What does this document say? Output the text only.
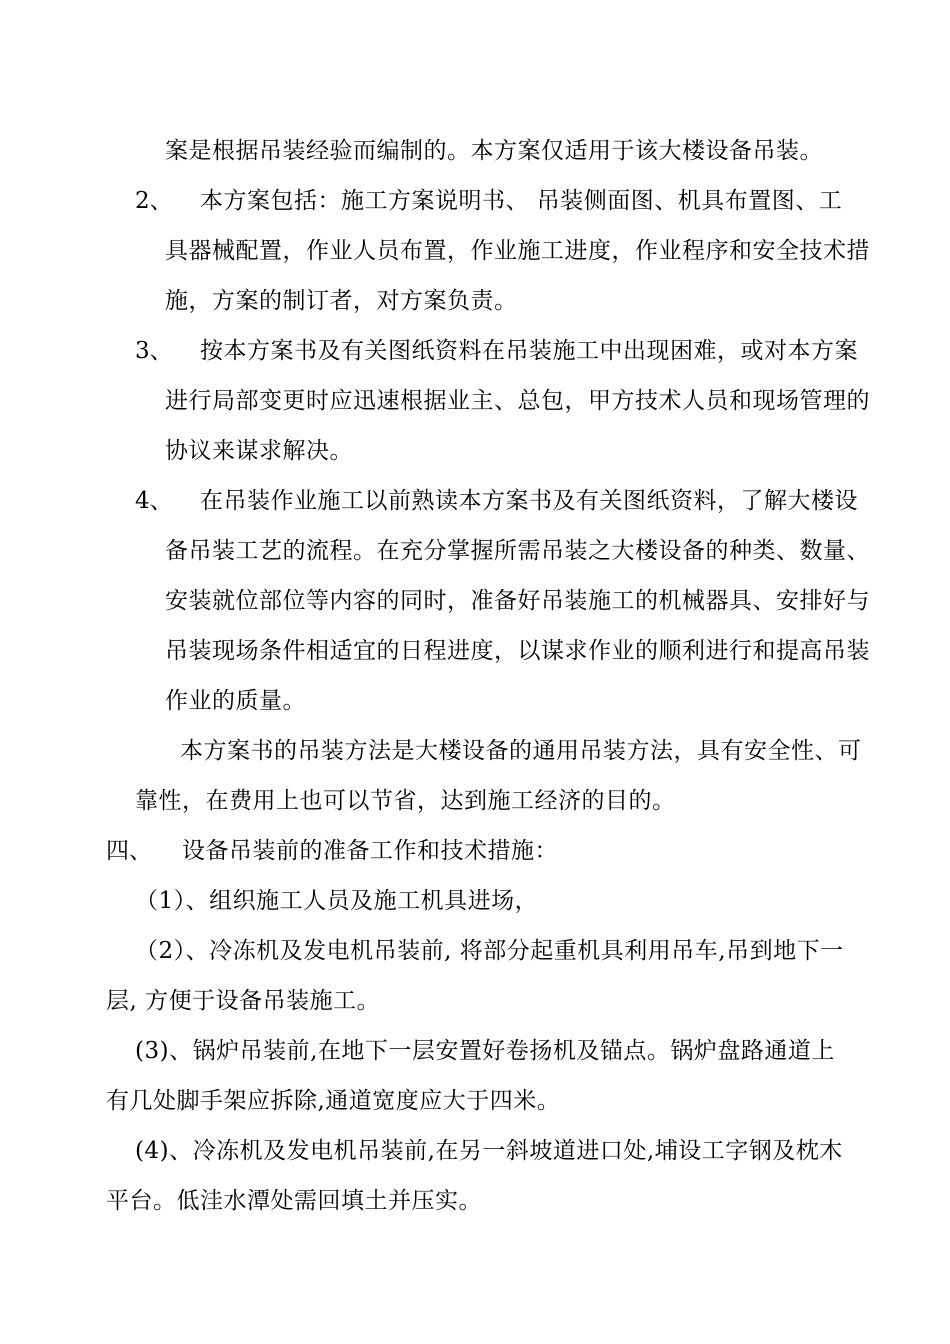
案是根据吊装经验而编制的。本方案仅适用于该大楼设备吊装。
2、 本方案包括：施工方案说明书、 吊装侧面图、机具布置图、工
具器械配置，作业人员布置，作业施工进度，作业程序和安全技术措
施，方案的制订者，对方案负责。
3、 按本方案书及有关图纸资料在吊装施工中出现困难，或对本方案
进行局部变更时应迅速根据业主、总包，甲方技术人员和现场管理的
协议来谋求解决。
4、 在吊装作业施工以前熟读本方案书及有关图纸资料，了解大楼设
备吊装工艺的流程。在充分掌握所需吊装之大楼设备的种类、数量、
安装就位部位等内容的同时，准备好吊装施工的机械器具、安排好与
吊装现场条件相适宜的日程进度，以谋求作业的顺利进行和提高吊装
作业的质量。
本方案书的吊装方法是大楼设备的通用吊装方法，具有安全性、可
靠性，在费用上也可以节省，达到施工经济的目的。
四、 设备吊装前的准备工作和技术措施：
（1）、组织施工人员及施工机具进场，
（2）、冷冻机及发电机吊装前, 将部分起重机具利用吊车,吊到地下一
层, 方便于设备吊装施工。
(3)、锅炉吊装前,在地下一层安置好卷扬机及锚点。锅炉盘路通道上
有几处脚手架应拆除,通道宽度应大于四米。
(4)、冷冻机及发电机吊装前,在另一斜坡道进口处,埔设工字钢及枕木
平台。低洼水潭处需回填土并压实。
